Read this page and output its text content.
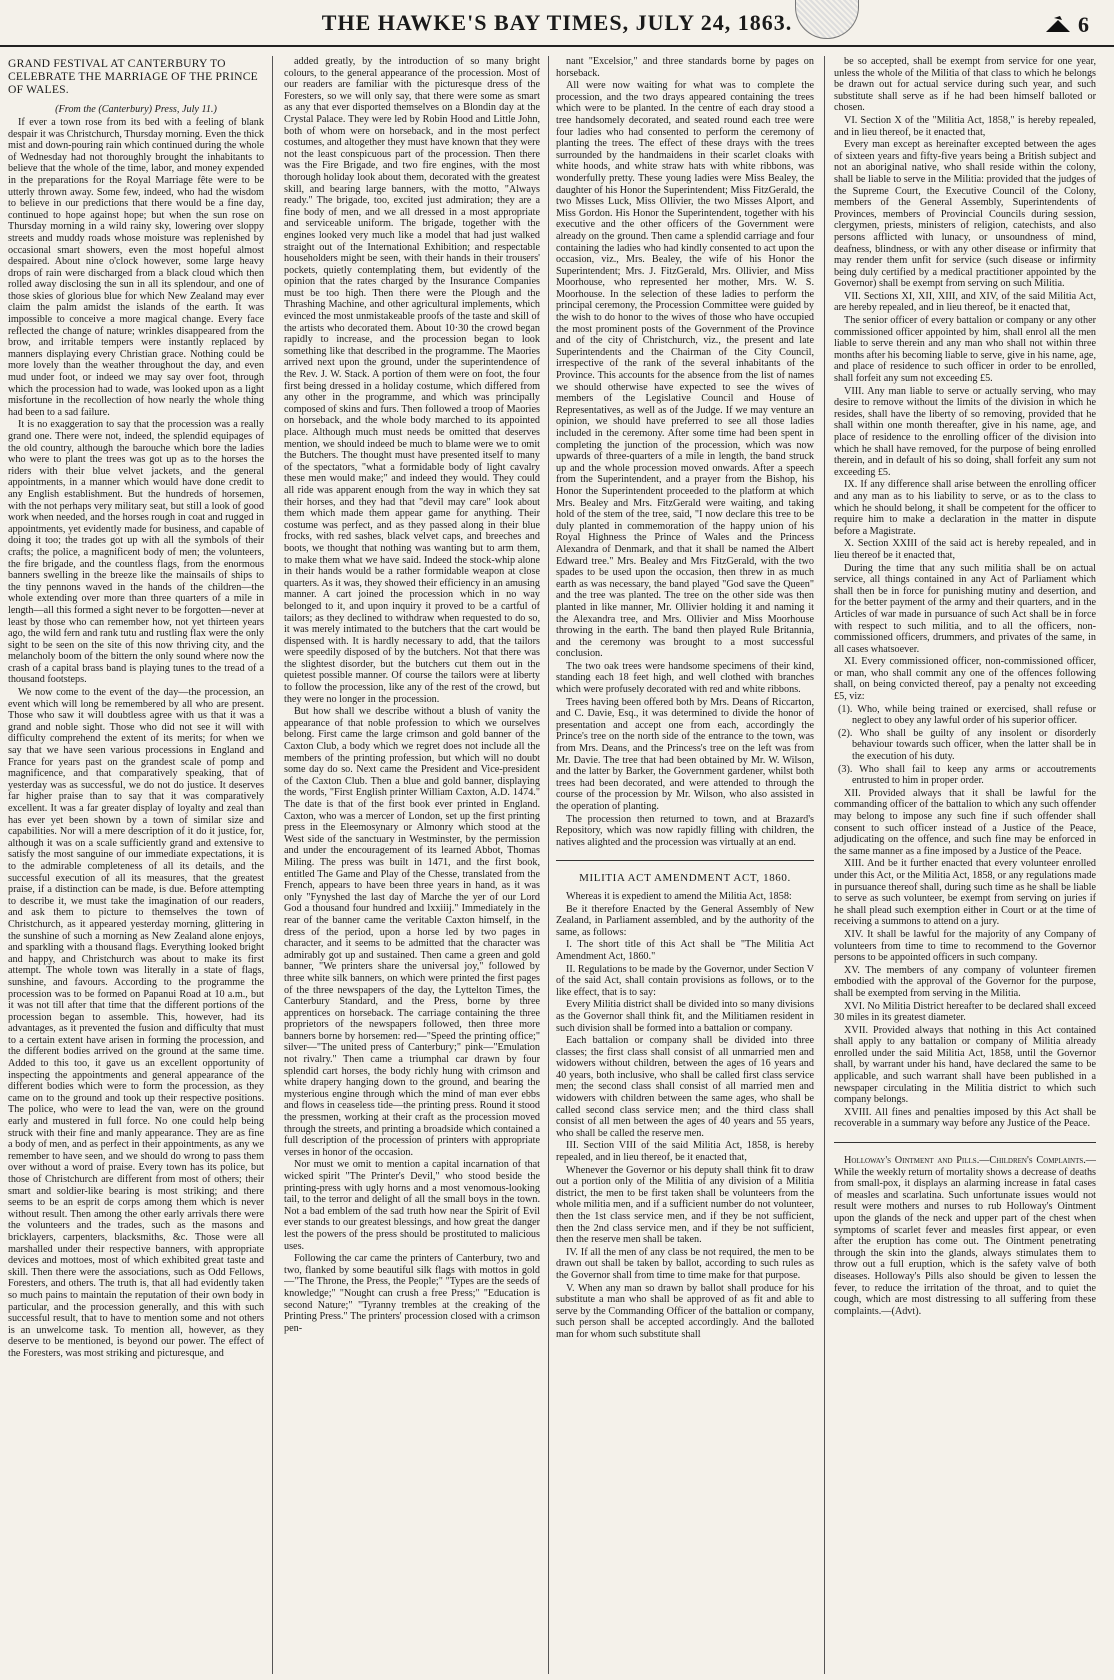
THE HAWKE'S BAY TIMES, JULY 24, 1863.	6
GRAND FESTIVAL AT CANTERBURY TO CELEBRATE THE MARRIAGE OF THE PRINCE OF WALES.

(From the (Canterbury) Press, July 11.)

If ever a town rose from its bed with a feeling of blank despair it was Christchurch, Thursday morning. Even the thick mist and down-pouring rain which continued during the whole of Wednesday had not thoroughly brought the inhabitants to believe that the whole of the time, labor, and money expended in the preparations for the Royal Marriage fête were to be utterly thrown away. Some few, indeed, who had the wisdom to believe in our predictions that there would be a fine day, continued to hope against hope; but when the sun rose on Thursday morning in a wild rainy sky, lowering over sloppy streets and muddy roads whose moisture was replenished by occasional smart showers, even the most hopeful almost despaired. About nine o'clock however, some large heavy drops of rain were discharged from a black cloud which then rolled away disclosing the sun in all its splendour, and one of those skies of glorious blue for which New Zealand may ever claim the palm amidst the islands of the earth. It was impossible to conceive a more magical change. Every face reflected the change of nature; wrinkles disappeared from the brow, and irritable tempers were instantly replaced by manners displaying every Christian grace. Nothing could be more lovely than the weather throughout the day, and even mud under foot, or indeed we may say over foot, through which the procession had to wade, was looked upon as a light misfortune in the recollection of how nearly the whole thing had been to a sad failure.

It is no exaggeration to say that the procession was a really grand one. There were not, indeed, the splendid equipages of the old country, although the barouche which bore the ladies who were to plant the trees was got up as to the horses the riders with their blue velvet jackets, and the general appointments, in a manner which would have done credit to any English establishment. But the hundreds of horsemen, with the not perhaps very military seat, but still a look of good work when needed, and the horses rough in coat and rugged in appointments, yet evidently made for business, and capable of doing it too; the trades got up with all the symbols of their crafts; the police, a magnificent body of men; the volunteers, the fire brigade, and the countless flags, from the enormous banners swelling in the breeze like the mainsails of ships to the tiny pennons waved in the hands of the children—the whole extending over more than three quarters of a mile in length—all this formed a sight never to be forgotten—never at least by those who can remember how, not yet thirteen years ago, the wild fern and rank tutu and rustling flax were the only sight to be seen on the site of this now thriving city, and the melancholy boom of the bittern the only sound where now the crash of a capital brass band is playing tunes to the tread of a thousand footsteps.

We now come to the event of the day—the procession, an event which will long be remembered by all who are present. Those who saw it will doubtless agree with us that it was a grand and noble sight. Those who did not see it will with difficulty comprehend the extent of its merits; for when we say that we have seen various processions in England and France for years past on the grandest scale of pomp and magnificence, and that comparatively speaking, that of yesterday was as successful, we do not do justice. It deserves far higher praise than to say that it was comparatively excellent. It was a far greater display of loyalty and zeal than has ever yet been shown by a town of similar size and capabilities. Nor will a mere description of it do it justice, for, although it was on a scale sufficiently grand and extensive to satisfy the most sanguine of our immediate expectations, it is to the admirable completeness of all its details, and the successful execution of all its measures, that the greatest praise, if a distinction can be made, is due. Before attempting to describe it, we must take the imagination of our readers, and ask them to picture to themselves the town of Christchurch, as it appeared yesterday morning, glittering in the sunshine of such a morning as New Zealand alone enjoys, and sparkling with a thousand flags. Everything looked bright and happy, and Christchurch was about to make its first attempt. The whole town was literally in a state of flags, sunshine, and favours. According to the programme the procession was to be formed on Papanui Road at 10 a.m., but it was not till after that time that the different portions of the procession began to assemble. This, however, had its advantages, as it prevented the fusion and difficulty that must to a certain extent have arisen in forming the procession, and the different bodies arrived on the ground at the same time. Added to this too, it gave us an excellent opportunity of inspecting the appointments and general appearance of the different bodies which were to form the procession, as they came on to the ground and took up their respective positions. The police, who were to lead the van, were on the ground early and mustered in full force. No one could help being struck with their fine and manly appearance. They are as fine a body of men, and as perfect in their appointments, as any we remember to have seen, and we should do wrong to pass them over without a word of praise. Every town has its police, but those of Christchurch are different from most of others; their smart and soldier-like bearing is most striking; and there seems to be an esprit de corps among them which is never without result. Then among the other early arrivals there were the volunteers and the trades, such as the masons and bricklayers, carpenters, blacksmiths, &c. Those were all marshalled under their respective banners, with appropriate devices and mottoes, most of which exhibited great taste and skill. Then there were the associations, such as Odd Fellows, Foresters, and others. The truth is, that all had evidently taken so much pains to maintain the reputation of their own body in particular, and the procession generally, and this with such successful result, that to have to mention some and not others is an unwelcome task. To mention all, however, as they deserve to be mentioned, is beyond our power. The effect of the Foresters, was most striking and picturesque, and

added greatly, by the introduction of so many bright colours, to the general appearance of the procession. Most of our readers are familiar with the picturesque dress of the Foresters, so we will only say, that there were some as smart as any that ever disported themselves on a Blondin day at the Crystal Palace. They were led by Robin Hood and Little John, both of whom were on horseback, and in the most perfect costumes, and altogether they must have known that they were not the least conspicuous part of the procession. Then there was the Fire Brigade, and two fire engines, with the most thorough holiday look about them, decorated with the greatest skill, and bearing large banners, with the motto, "Always ready." The brigade, too, excited just admiration; they are a fine body of men, and we all dressed in a most appropriate and serviceable uniform. The brigade, together with the engines looked very much like a model that had just walked straight out of the International Exhibition; and respectable householders might be seen, with their hands in their trousers' pockets, quietly contemplating them, but evidently of the opinion that the rates charged by the Insurance Companies must be too high. Then there were the Plough and the Thrashing Machine, and other agricultural implements, which evinced the most unmistakeable proofs of the taste and skill of the artists who decorated them. About 10·30 the crowd began rapidly to increase, and the procession began to look something like that described in the programme. The Maories arrived next upon the ground, under the superintendence of the Rev. J. W. Stack. A portion of them were on foot, the four first being dressed in a holiday costume, which differed from any other in the programme, and which was principally composed of skins and furs. Then followed a troop of Maories on horseback, and the whole body marched to its appointed place. Although much must needs be omitted that deserves mention, we should indeed be much to blame were we to omit the Butchers. The thought must have presented itself to many of the spectators, "what a formidable body of light cavalry these men would make;" and indeed they would. They could all ride was apparent enough from the way in which they sat their horses, and they had that "devil may care" look about them which made them appear game for anything. Their costume was perfect, and as they passed along in their blue frocks, with red sashes, black velvet caps, and breeches and boots, we thought that nothing was wanting but to arm them, to make them what we have said. Indeed the stock-whip alone in their hands would be a rather formidable weapon at close quarters. As it was, they showed their efficiency in an amusing manner. A cart joined the procession which in no way belonged to it, and upon inquiry it proved to be a cartful of tailors; as they declined to withdraw when requested to do so, it was merely intimated to the butchers that the cart would be dispensed with. It is hardly necessary to add, that the tailors were speedily disposed of by the butchers. Not that there was the slightest disorder, but the butchers cut them out in the quietest possible manner. Of course the tailors were at liberty to follow the procession, like any of the rest of the crowd, but they were no longer in the procession.

But how shall we describe without a blush of vanity the appearance of that noble profession to which we ourselves belong. First came the large crimson and gold banner of the Caxton Club, a body which we regret does not include all the members of the printing profession, but which will no doubt some day do so. Next came the President and Vice-president of the Caxton Club. Then a blue and gold banner, displaying the words, "First English printer William Caxton, A.D. 1474." The date is that of the first book ever printed in England. Caxton, who was a mercer of London, set up the first printing press in the Eleemosynary or Almonry which stood at the West side of the sanctuary in Westminster, by the permission and under the encouragement of its learned Abbot, Thomas Miling. The press was built in 1471, and the first book, entitled The Game and Play of the Chesse, translated from the French, appears to have been three years in hand, as it was only "Fynyshed the last day of Marche the yer of our Lord God a thousand four hundred and lxxiiij." Immediately in the rear of the banner came the veritable Caxton himself, in the dress of the period, upon a horse led by two pages in character, and it seems to be admitted that the character was admirably got up and sustained. Then came a green and gold banner, "We printers share the universal joy," followed by three white silk banners, on which were printed the first pages of the three newspapers of the day, the Lyttelton Times, the Canterbury Standard, and the Press, borne by three apprentices on horseback. The carriage containing the three proprietors of the newspapers followed, then three more banners borne by horsemen: red—"Speed the printing office;" silver—"The united press of Canterbury;" pink—"Emulation not rivalry." Then came a triumphal car drawn by four splendid cart horses, the body richly hung with crimson and white drapery hanging down to the ground, and bearing the mysterious engine through which the mind of man ever ebbs and flows in ceaseless tide—the printing press. Round it stood the pressmen, working at their craft as the procession moved through the streets, and printing a broadside which contained a full description of the procession of printers with appropriate verses in honor of the occasion.

Nor must we omit to mention a capital incarnation of that wicked spirit "The Printer's Devil," who stood beside the printing-press with ugly horns and a most venomous-looking tail, to the terror and delight of all the small boys in the town. Not a bad emblem of the sad truth how near the Spirit of Evil ever stands to our greatest blessings, and how great the danger lest the powers of the press should be prostituted to malicious uses.

Following the car came the printers of Canterbury, two and two, flanked by some beautiful silk flags with mottos in gold—"The Throne, the Press, the People;" "Types are the seeds of knowledge;" "Nought can crush a free Press;" "Education is second Nature;" "Tyranny trembles at the creaking of the Printing Press." The printers' procession closed with a crimson pen-

nant "Excelsior," and three standards borne by pages on horseback.

All were now waiting for what was to complete the procession, and the two drays appeared containing the trees which were to be planted. In the centre of each dray stood a tree handsomely decorated, and seated round each tree were four ladies who had consented to perform the ceremony of planting the trees. The effect of these drays with the trees surrounded by the handmaidens in their scarlet cloaks with white hoods, and white straw hats with white ribbons, was wonderfully pretty. These young ladies were Miss Bealey, the daughter of his Honor the Superintendent; Miss FitzGerald, the two Misses Luck, Miss Ollivier, the two Misses Alport, and Miss Gordon. His Honor the Superintendent, together with his executive and the other officers of the Government were already on the ground. Then came a splendid carriage and four containing the ladies who had kindly consented to act upon the occasion, viz., Mrs. Bealey, the wife of his Honor the Superintendent; Mrs. J. FitzGerald, Mrs. Ollivier, and Miss Moorhouse, who represented her mother, Mrs. W. S. Moorhouse. In the selection of these ladies to perform the principal ceremony, the Procession Committee were guided by the wish to do honor to the wives of those who have occupied the most prominent posts of the Government of the Province and of the city of Christchurch, viz., the present and late Superintendents and the Chairman of the City Council, irrespective of the rank of the several inhabitants of the Province. This accounts for the absence from the list of names we should otherwise have expected to see the wives of members of the Legislative Council and House of Representatives, as well as of the Judge. If we may venture an opinion, we should have preferred to see all those ladies included in the ceremony. After some time had been spent in completing the junction of the procession, which was now upwards of three-quarters of a mile in length, the band struck up and the whole procession moved onwards. After a speech from the Superintendent, and a prayer from the Bishop, his Honor the Superintendent proceeded to the platform at which Mrs. Bealey and Mrs. FitzGerald were waiting, and taking hold of the stem of the tree, said, "I now declare this tree to be duly planted in commemoration of the happy union of his Royal Highness the Prince of Wales and the Princess Alexandra of Denmark, and that it shall be named the Albert Edward tree." Mrs. Bealey and Mrs FitzGerald, with the two spades to be used upon the occasion, then threw in as much earth as was necessary, the band played "God save the Queen" and the tree was planted. The tree on the other side was then planted in like manner, Mr. Ollivier holding it and naming it the Alexandra tree, and Mrs. Ollivier and Miss Moorhouse throwing in the earth. The band then played Rule Britannia, and the ceremony was brought to a most successful conclusion.

The two oak trees were handsome specimens of their kind, standing each 18 feet high, and well clothed with branches which were profusely decorated with red and white ribbons.

Trees having been offered both by Mrs. Deans of Riccarton, and C. Davie, Esq., it was determined to divide the honor of presentation and accept one from each, accordingly the Prince's tree on the north side of the entrance to the town, was from Mrs. Deans, and the Princess's tree on the left was from Mr. Davie. The tree that had been obtained by Mr. W. Wilson, and the latter by Barker, the Government gardener, whilst both trees had been decorated, and were attended to through the course of the procession by Mr. Wilson, who also assisted in the operation of planting.

The procession then returned to town, and at Brazard's Repository, which was now rapidly filling with children, the natives alighted and the procession was virtually at an end.

MILITIA ACT AMENDMENT ACT, 1860.

Whereas it is expedient to amend the Militia Act, 1858:

Be it therefore Enacted by the General Assembly of New Zealand, in Parliament assembled, and by the authority of the same, as follows:

I. The short title of this Act shall be "The Militia Act Amendment Act, 1860."

II. Regulations to be made by the Governor, under Section V of the said Act, shall contain provisions as follows, or to the like effect, that is to say:

Every Militia district shall be divided into so many divisions as the Governor shall think fit, and the Militiamen resident in such division shall be formed into a battalion or company.

Each battalion or company shall be divided into three classes; the first class shall consist of all unmarried men and widowers without children, between the ages of 16 years and 40 years, both inclusive, who shall be called first class service men; the second class shall consist of all married men and widowers with children between the same ages, who shall be called second class service men; and the third class shall consist of all men between the ages of 40 years and 55 years, who shall be called the reserve men.

III. Section VIII of the said Militia Act, 1858, is hereby repealed, and in lieu thereof, be it enacted that,

Whenever the Governor or his deputy shall think fit to draw out a portion only of the Militia of any division of a Militia district, the men to be first taken shall be volunteers from the whole militia men, and if a sufficient number do not volunteer, then the 1st class service men, and if they be not sufficient, then the 2nd class service men, and if they be not sufficient, then the reserve men shall be taken.

IV. If all the men of any class be not required, the men to be drawn out shall be taken by ballot, according to such rules as the Governor shall from time to time make for that purpose.

V. When any man so drawn by ballot shall produce for his substitute a man who shall be approved of as fit and able to serve by the Commanding Officer of the battalion or company, such person shall be accepted accordingly. And the balloted man for whom such substitute shall

be so accepted, shall be exempt from service for one year, unless the whole of the Militia of that class to which he belongs be drawn out for actual service during such year, and such substitute shall serve as if he had been himself balloted or chosen.

VI. Section X of the "Militia Act, 1858," is hereby repealed, and in lieu thereof, be it enacted that,

Every man except as hereinafter excepted between the ages of sixteen years and fifty-five years being a British subject and not an aboriginal native, who shall reside within the colony, shall be liable to serve in the Militia: provided that the judges of the Supreme Court, the Executive Council of the Colony, members of the General Assembly, Superintendents of Provinces, members of Provincial Councils during session, clergymen, priests, ministers of religion, catechists, and also persons afflicted with lunacy, or unsoundness of mind, deafness, blindness, or with any other disease or infirmity that may render them unfit for service (such disease or infirmity being duly certified by a medical practitioner appointed by the Governor) shall be exempt from serving on such Militia.

VII. Sections XI, XII, XIII, and XIV, of the said Militia Act, are hereby repealed, and in lieu thereof, be it enacted that,

The senior officer of every battalion or company or any other commissioned officer appointed by him, shall enrol all the men liable to serve therein and any man who shall not within three months after his becoming liable to serve, give in his name, age, and place of residence to such officer in order to be enrolled, shall forfeit any sum not exceeding £5.

VIII. Any man liable to serve or actually serving, who may desire to remove without the limits of the division in which he resides, shall have the liberty of so removing, provided that he shall within one month thereafter, give in his name, age, and place of residence to the enrolling officer of the division into which he shall have removed, for the purpose of being enrolled therein, and in default of his so doing, shall forfeit any sum not exceeding £5.

IX. If any difference shall arise between the enrolling officer and any man as to his liability to serve, or as to the class to which he should belong, it shall be competent for the officer to require him to make a declaration in the matter in dispute before a Magistrate.

X. Section XXIII of the said act is hereby repealed, and in lieu thereof be it enacted that,

During the time that any such militia shall be on actual service, all things contained in any Act of Parliament which shall then be in force for punishing mutiny and desertion, and for the better payment of the army and their quarters, and in the Articles of war made in pursuance of such Act shall be in force with respect to such militia, and to all the officers, non-commissioned officers, drummers, and privates of the same, in all cases whatsoever.

XI. Every commissioned officer, non-commissioned officer, or man, who shall commit any one of the offences following shall, on being convicted thereof, pay a penalty not exceeding £5, viz:

(1). Who, while being trained or exercised, shall refuse or neglect to obey any lawful order of his superior officer.

(2). Who shall be guilty of any insolent or disorderly behaviour towards such officer, when the latter shall be in the execution of his duty.

(3). Who shall fail to keep any arms or accoutrements entrusted to him in proper order.

XII. Provided always that it shall be lawful for the commanding officer of the battalion to which any such offender may belong to impose any such fine if such offender shall consent to such officer instead of a Justice of the Peace, adjudicating on the offence, and such fine may be enforced in the same manner as a fine imposed by a Justice of the Peace.

XIII. And be it further enacted that every volunteer enrolled under this Act, or the Militia Act, 1858, or any regulations made in pursuance thereof shall, during such time as he shall be liable to serve as such volunteer, be exempt from serving on juries if he shall plead such exemption either in Court or at the time of receiving a summons to attend on a jury.

XIV. It shall be lawful for the majority of any Company of volunteers from time to time to recommend to the Governor persons to be appointed officers in such company.

XV. The members of any company of volunteer firemen embodied with the approval of the Governor for the purpose, shall be exempted from serving in the Militia.

XVI. No Militia District hereafter to be declared shall exceed 30 miles in its greatest diameter.

XVII. Provided always that nothing in this Act contained shall apply to any battalion or company of Militia already enrolled under the said Militia Act, 1858, until the Governor shall, by warrant under his hand, have declared the same to be applicable, and such warrant shall have been published in a newspaper circulating in the Militia district to which such company belongs.

XVIII. All fines and penalties imposed by this Act shall be recoverable in a summary way before any Justice of the Peace.

Holloway's Ointment and Pills.—Children's Complaints.— While the weekly return of mortality shows a decrease of deaths from small-pox, it displays an alarming increase in fatal cases of measles and scarlatina. Such unfortunate issues would not result were mothers and nurses to rub Holloway's Ointment upon the glands of the neck and upper part of the chest when symptoms of scarlet fever and measles first appear, or even after the eruption has come out. The Ointment penetrating through the skin into the glands, always stimulates them to throw out a full eruption, which is the safety valve of both diseases. Holloway's Pills also should be given to lessen the fever, to reduce the irritation of the throat, and to quiet the cough, which are most distressing to all suffering from these complaints.—(Advt).
